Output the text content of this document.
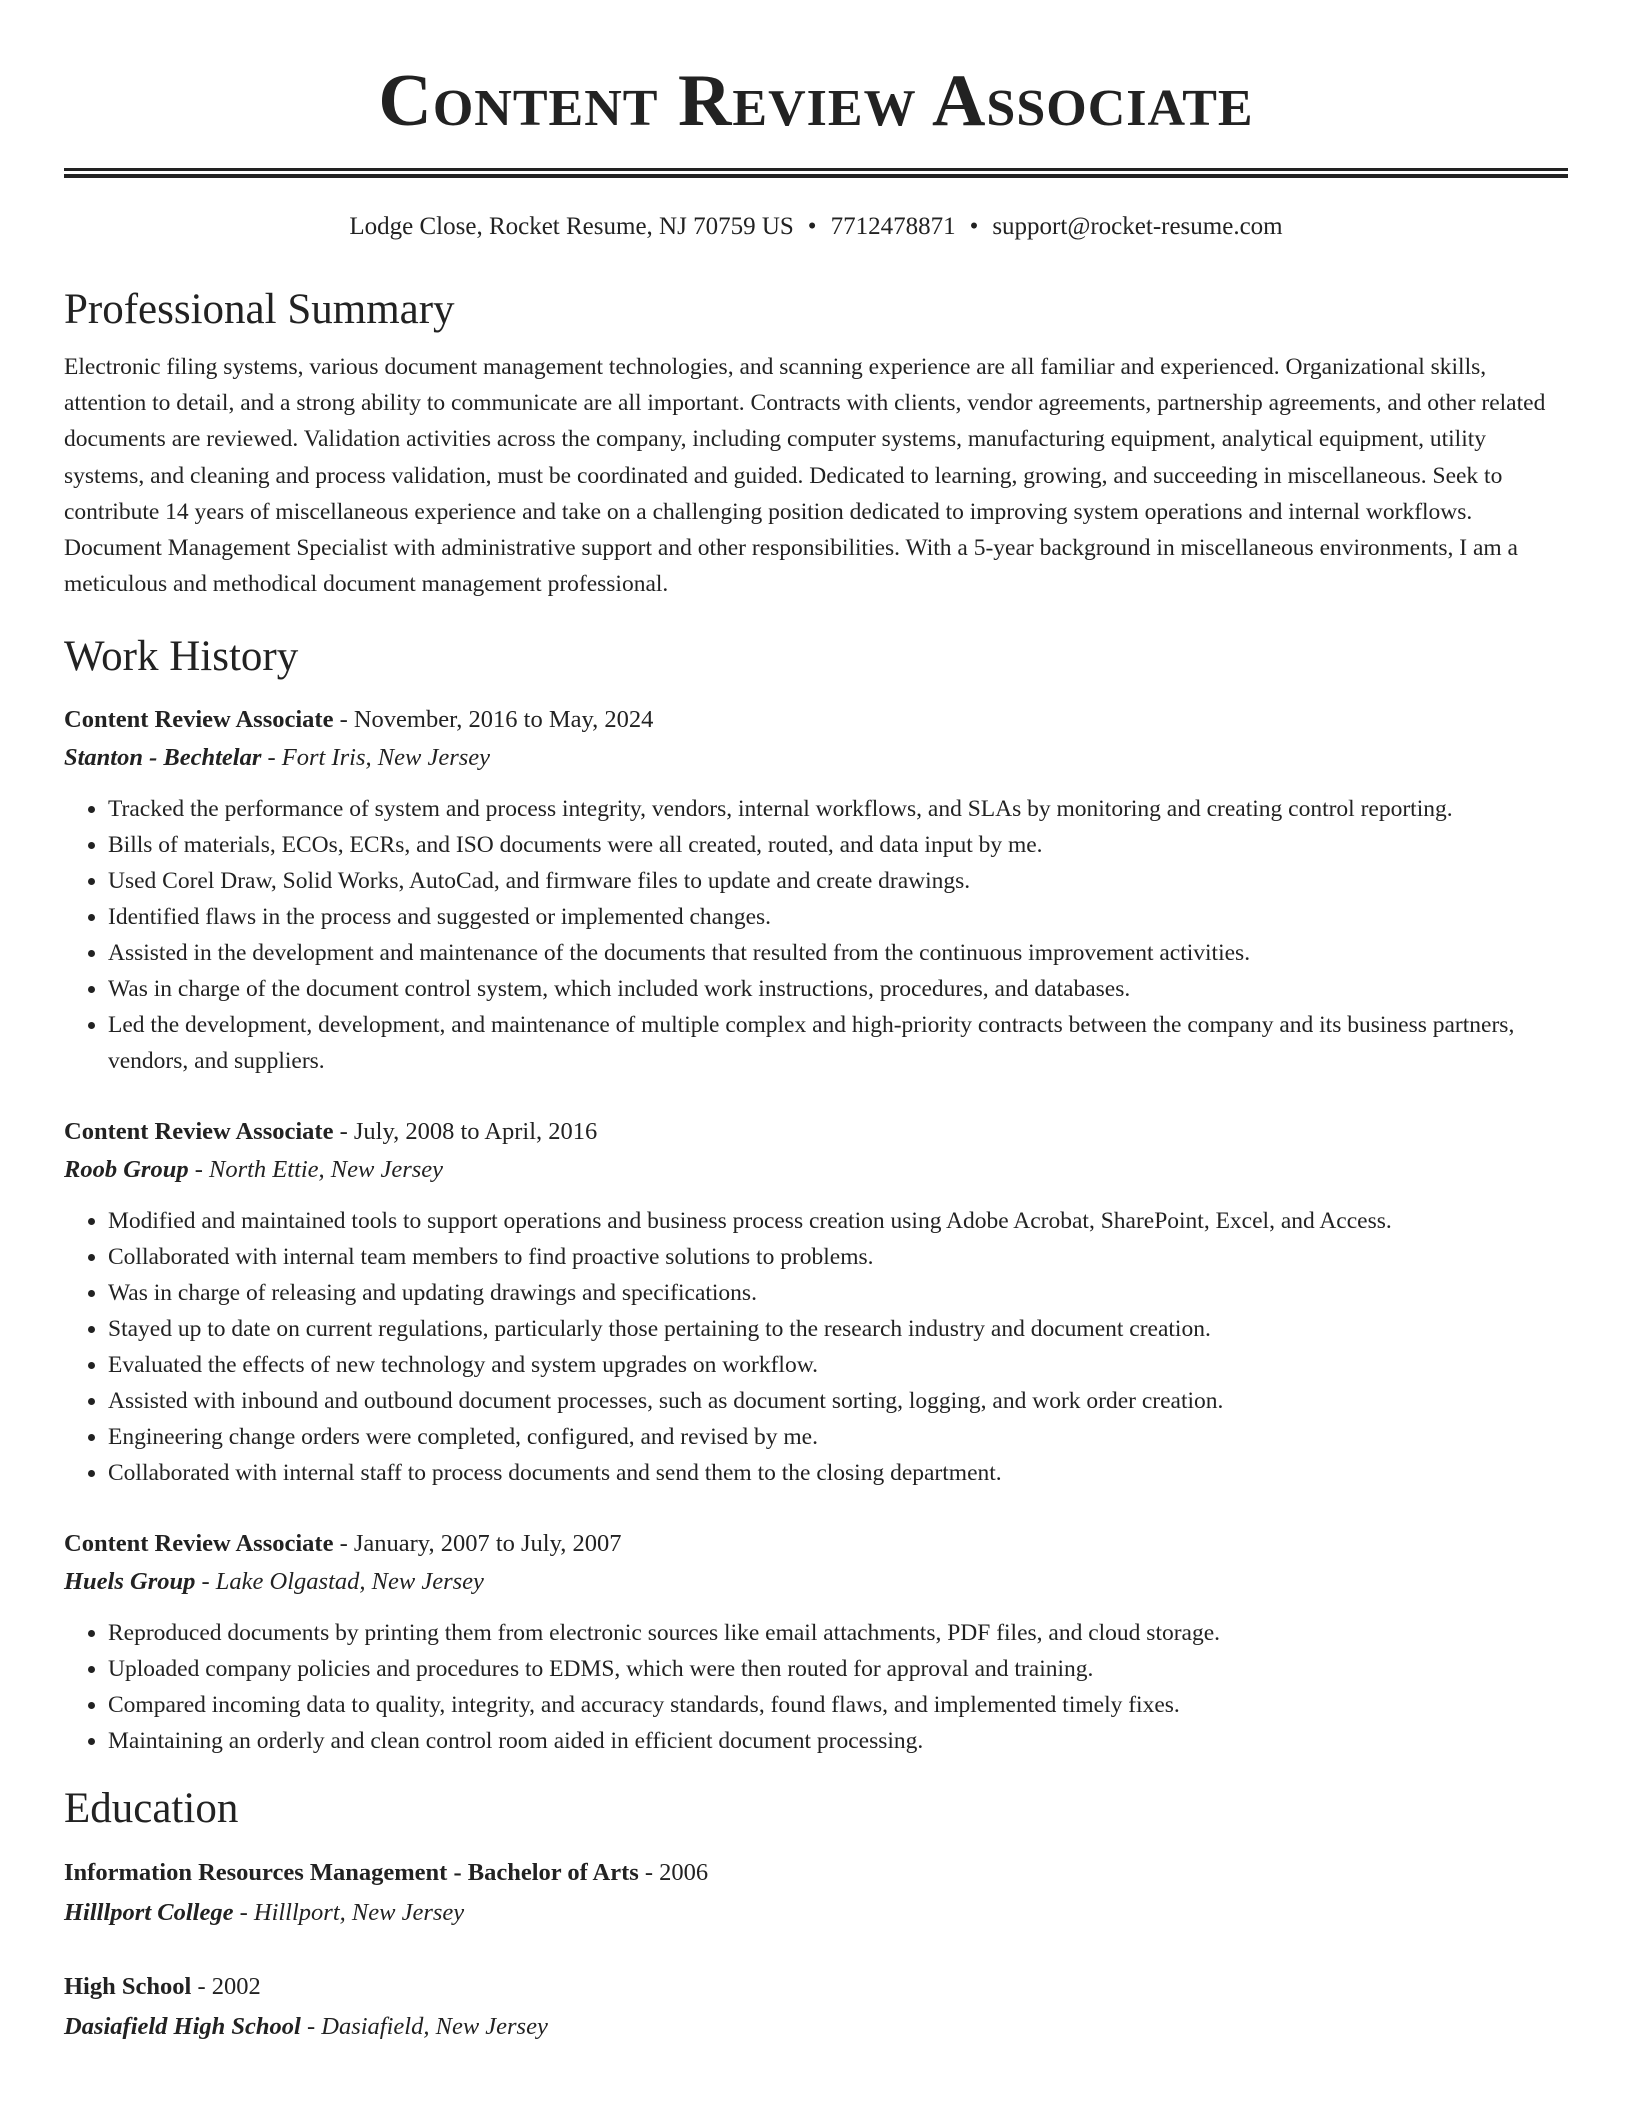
Content Review Associate
Lodge Close, Rocket Resume, NJ 70759 US • 7712478871 • support@rocket-resume.com
Professional Summary

Electronic filing systems, various document management technologies, and scanning experience are all familiar and experienced. Organizational skills, attention to detail, and a strong ability to communicate are all important. Contracts with clients, vendor agreements, partnership agreements, and other related documents are reviewed. Validation activities across the company, including computer systems, manufacturing equipment, analytical equipment, utility systems, and cleaning and process validation, must be coordinated and guided. Dedicated to learning, growing, and succeeding in miscellaneous. Seek to contribute 14 years of miscellaneous experience and take on a challenging position dedicated to improving system operations and internal workflows. Document Management Specialist with administrative support and other responsibilities. With a 5-year background in miscellaneous environments, I am a meticulous and methodical document management professional.

Work History
Content Review Associate - November, 2016 to May, 2024
Stanton - Bechtelar - Fort Iris, New Jersey
• Tracked the performance of system and process integrity, vendors, internal workflows, and SLAs by monitoring and creating control reporting.
• Bills of materials, ECOs, ECRs, and ISO documents were all created, routed, and data input by me.
• Used Corel Draw, Solid Works, AutoCad, and firmware files to update and create drawings.
• Identified flaws in the process and suggested or implemented changes.
• Assisted in the development and maintenance of the documents that resulted from the continuous improvement activities.
• Was in charge of the document control system, which included work instructions, procedures, and databases.
• Led the development, development, and maintenance of multiple complex and high-priority contracts between the company and its business partners, vendors, and suppliers.
Content Review Associate - July, 2008 to April, 2016
Roob Group - North Ettie, New Jersey
• Modified and maintained tools to support operations and business process creation using Adobe Acrobat, SharePoint, Excel, and Access.
• Collaborated with internal team members to find proactive solutions to problems.
• Was in charge of releasing and updating drawings and specifications.
• Stayed up to date on current regulations, particularly those pertaining to the research industry and document creation.
• Evaluated the effects of new technology and system upgrades on workflow.
• Assisted with inbound and outbound document processes, such as document sorting, logging, and work order creation.
• Engineering change orders were completed, configured, and revised by me.
• Collaborated with internal staff to process documents and send them to the closing department.
Content Review Associate - January, 2007 to July, 2007
Huels Group - Lake Olgastad, New Jersey
• Reproduced documents by printing them from electronic sources like email attachments, PDF files, and cloud storage.
• Uploaded company policies and procedures to EDMS, which were then routed for approval and training.
• Compared incoming data to quality, integrity, and accuracy standards, found flaws, and implemented timely fixes.
• Maintaining an orderly and clean control room aided in efficient document processing.
Education
Information Resources Management - Bachelor of Arts - 2006
Hilllport College - Hilllport, New Jersey
High School - 2002
Dasiafield High School - Dasiafield, New Jersey
